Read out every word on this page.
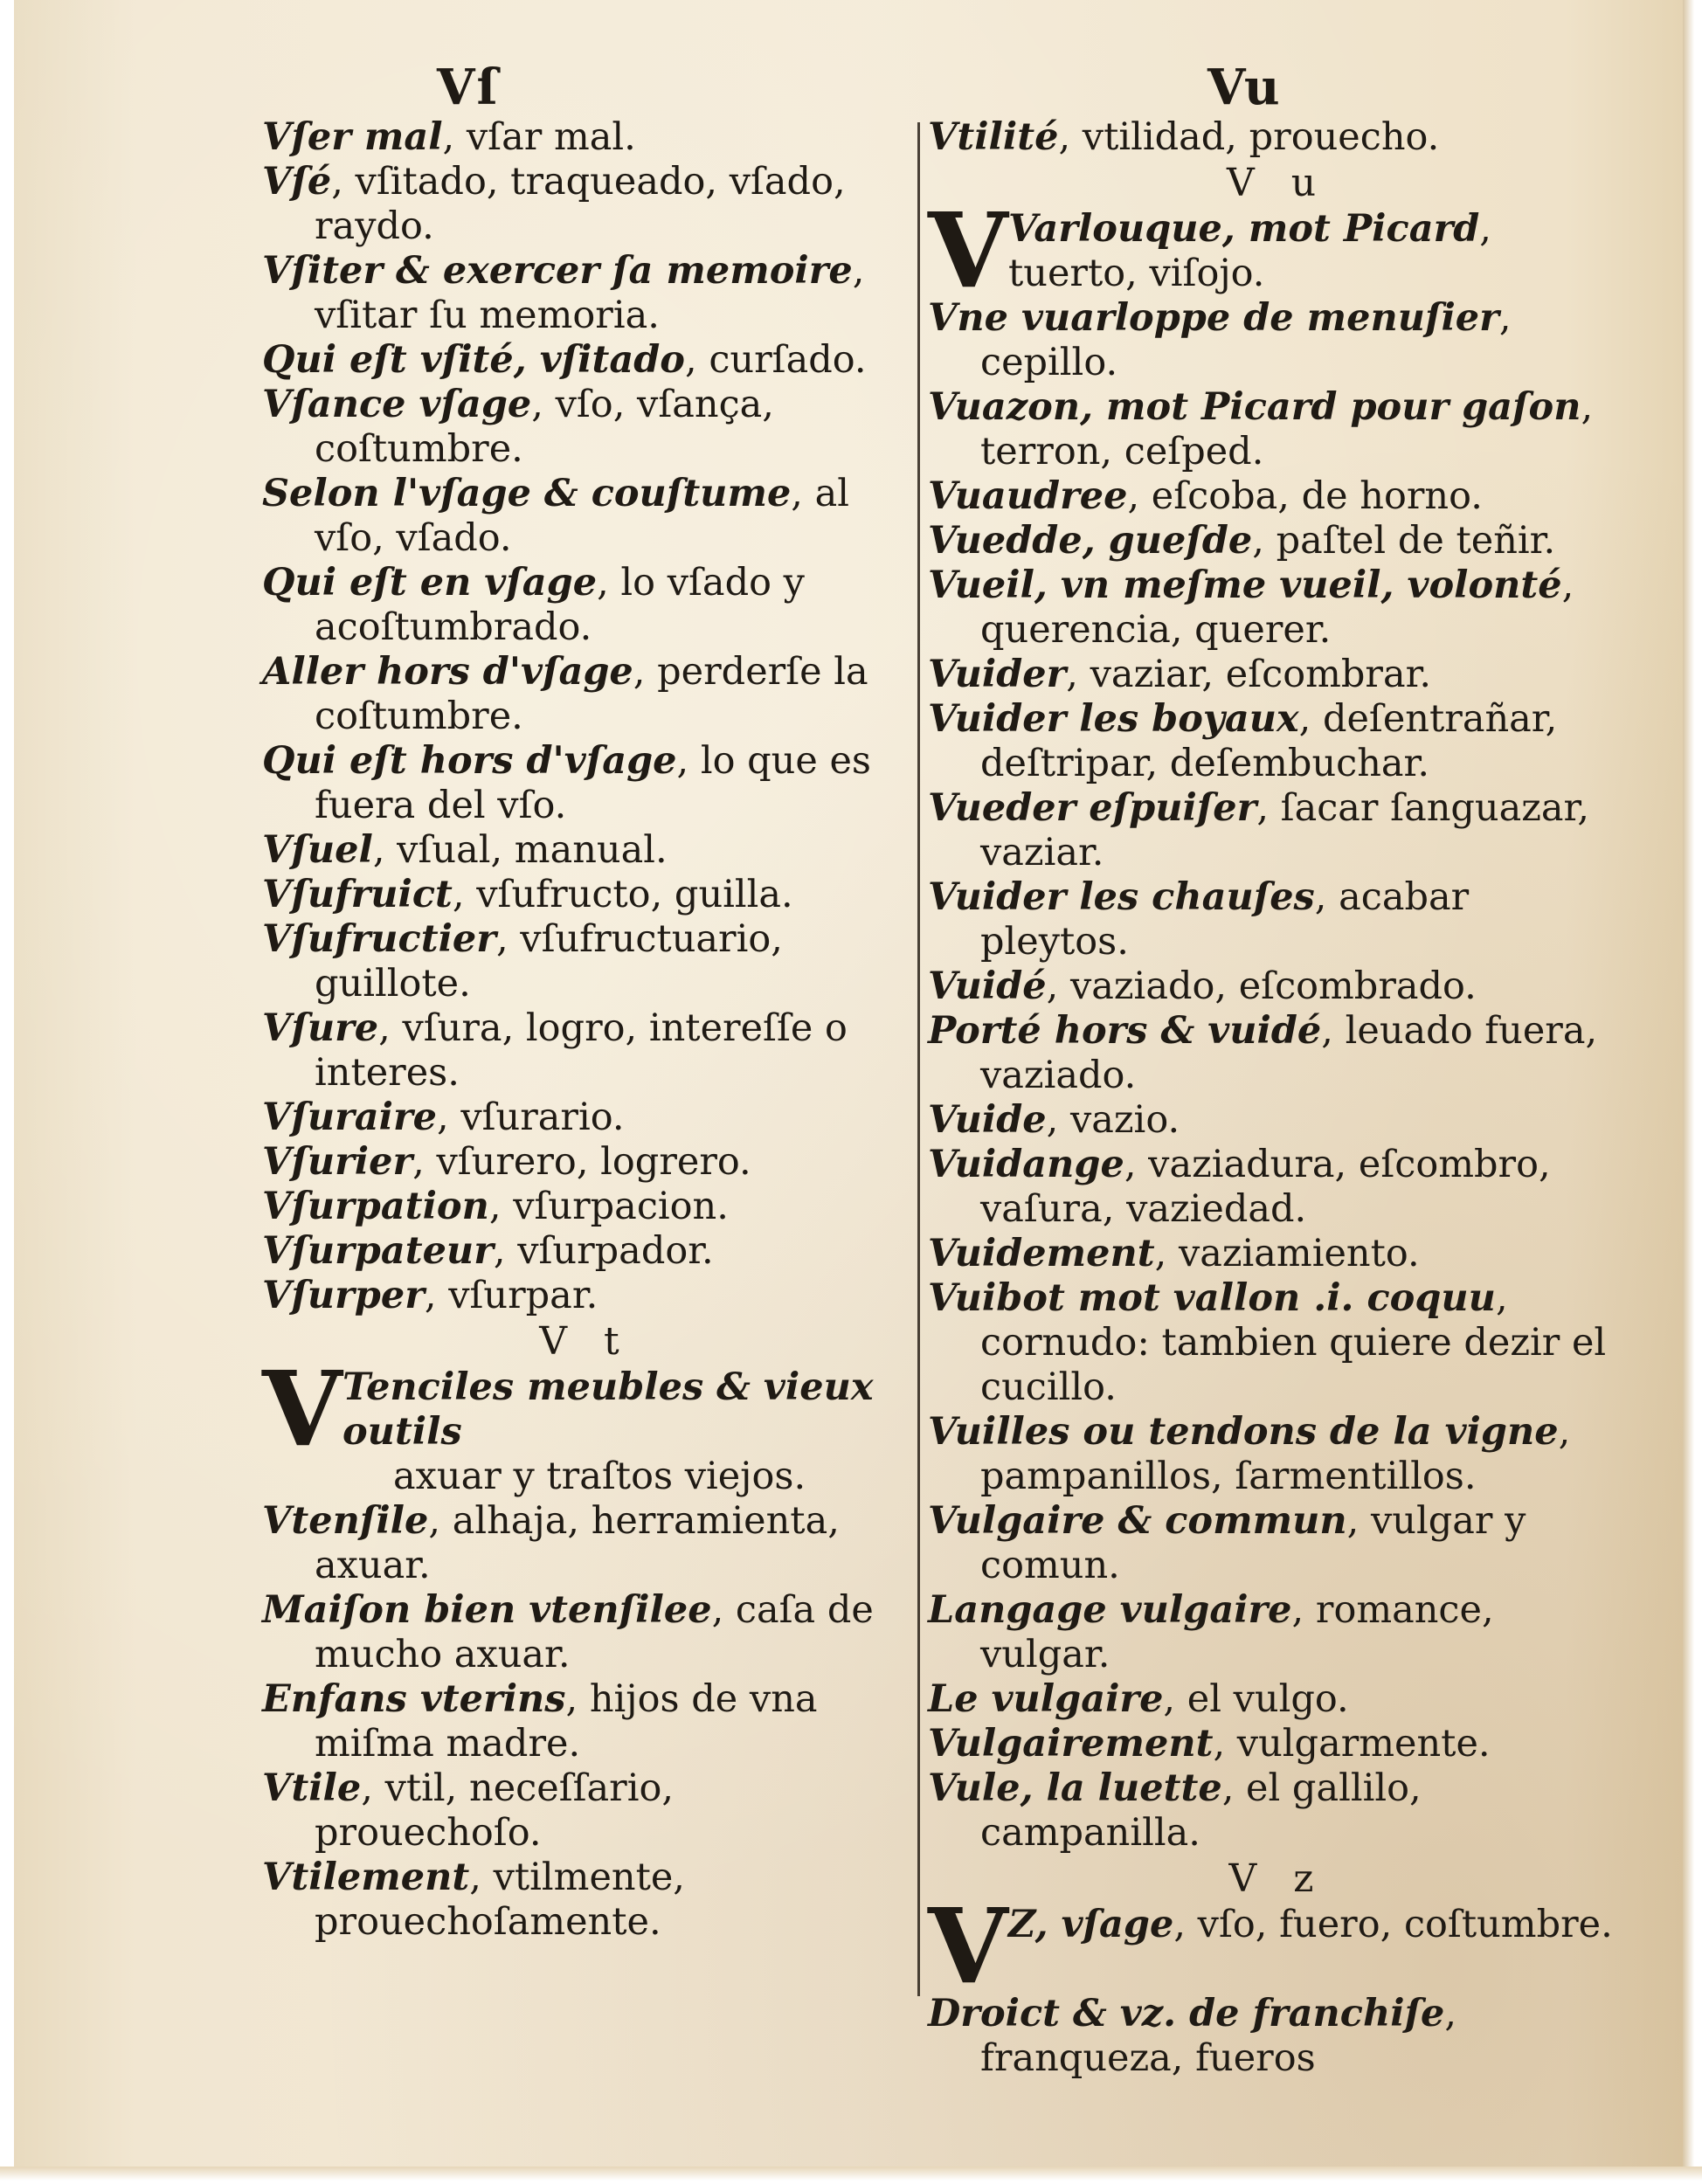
Vſ
Vſer mal, vſar mal.
Vſé, vſitado, traqueado, vſado, raydo.
Vſiter & exercer ſa memoire, vſitar ſu memoria.
Qui eſt vſité, vſitado, curſado.
Vſance vſage, vſo, vſança, coſtumbre.
Selon l'vſage & couſtume, al vſo, vſado.
Qui eſt en vſage, lo vſado y acoſtumbrado.
Aller hors d'vſage, perderſe la coſtumbre.
Qui eſt hors d'vſage, lo que es fuera del vſo.
Vſuel, vſual, manual.
Vſufruict, vſufructo, guilla.
Vſufructier, vſufructuario, guillote.
Vſure, vſura, logro, intereſſe o interes.
Vſuraire, vſurario.
Vſurier, vſurero, logrero.
Vſurpation, vſurpacion.
Vſurpateur, vſurpador.
Vſurper, vſurpar.
V t
V Tenciles meubles & vieux outils
axuar y traſtos viejos.
Vtenſile, alhaja, herramienta, axuar.
Maiſon bien vtenſilee, caſa de mucho axuar.
Enfans vterins, hijos de vna miſma madre.
Vtile, vtil, neceſſario, prouechoſo.
Vtilement, vtilmente, prouechoſamente.
Vu
Vtilité, vtilidad, prouecho.
V u
V Varlouque, mot Picard, tuerto, viſojo.
Vne vuarloppe de menuſier, cepillo.
Vuazon, mot Picard pour gaſon, terron, ceſped.
Vuaudree, eſcoba, de horno.
Vuedde, gueſde, paſtel de teñir.
Vueil, vn meſme vueil, volonté, querencia, querer.
Vuider, vaziar, eſcombrar.
Vuider les boyaux, deſentrañar, deſtripar, deſembuchar.
Vueder eſpuiſer, ſacar ſanguazar, vaziar.
Vuider les chauſes, acabar pleytos.
Vuidé, vaziado, eſcombrado.
Porté hors & vuidé, leuado fuera, vaziado.
Vuide, vazio.
Vuidange, vaziadura, eſcombro, vaſura, vaziedad.
Vuidement, vaziamiento.
Vuibot mot vallon .i. coquu, cornudo: tambien quiere dezir el cucillo.
Vuilles ou tendons de la vigne, pampanillos, ſarmentillos.
Vulgaire & commun, vulgar y comun.
Langage vulgaire, romance, vulgar.
Le vulgaire, el vulgo.
Vulgairement, vulgarmente.
Vule, la luette, el gallilo, campanilla.
V z
V Z, vſage, vſo, fuero, coſtumbre.
Droict & vz. de franchiſe, franqueza, fueros
